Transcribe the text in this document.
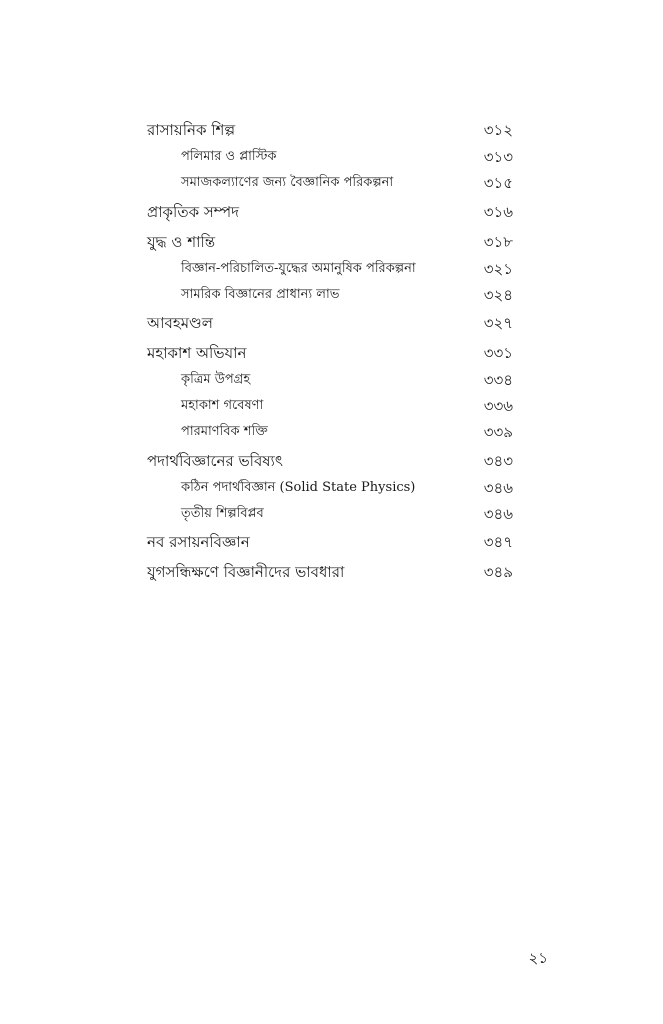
রাসায়নিক শিল্প	৩১২
পলিমার ও প্লাস্টিক	৩১৩
সমাজকল্যাণের জন্য বৈজ্ঞানিক পরিকল্পনা	৩১৫
প্রাকৃতিক সম্পদ	৩১৬
যুদ্ধ ও শান্তি	৩১৮
বিজ্ঞান-পরিচালিত-যুদ্ধের অমানুষিক পরিকল্পনা	৩২১
সামরিক বিজ্ঞানের প্রাধান্য লাভ	৩২৪
আবহমণ্ডল	৩২৭
মহাকাশ অভিযান	৩৩১
কৃত্রিম উপগ্রহ	৩৩৪
মহাকাশ গবেষণা	৩৩৬
পারমাণবিক শক্তি	৩৩৯
পদার্থবিজ্ঞানের ভবিষ্যৎ	৩৪৩
কঠিন পদার্থবিজ্ঞান (Solid State Physics)	৩৪৬
তৃতীয় শিল্পবিপ্লব	৩৪৬
নব রসায়নবিজ্ঞান	৩৪৭
যুগসন্ধিক্ষণে বিজ্ঞানীদের ভাবধারা	৩৪৯
২১
